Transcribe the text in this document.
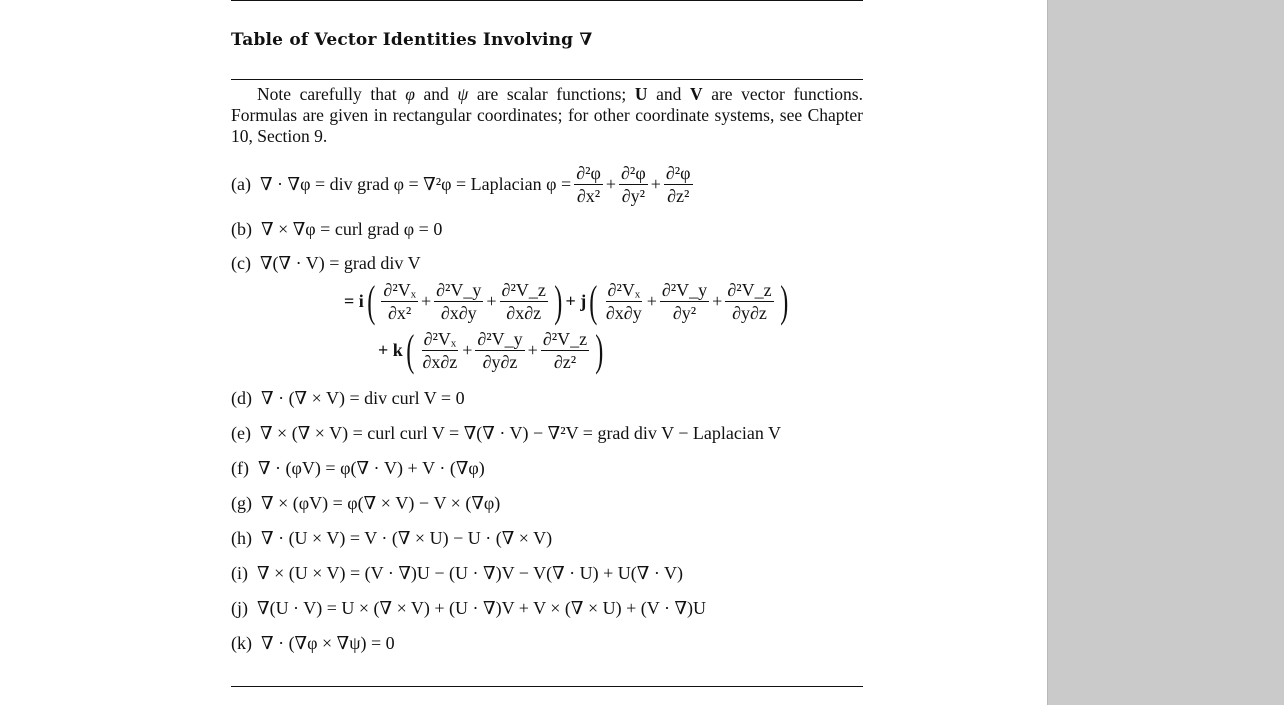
Table of Vector Identities Involving ∇
Note carefully that φ and ψ are scalar functions; U and V are vector functions. Formulas are given in rectangular coordinates; for other coordinate systems, see Chapter 10, Section 9.
(a) ∇ · ∇φ = div grad φ = ∇²φ = Laplacian $\varphi = \frac{\text{∂²φ}}{\text{∂x²}} + \frac{\text{∂²φ}}{\text{∂y²}} + \frac{\text{∂²φ}}{\text{∂z²}}$
(b) ∇ × ∇φ = curl grad φ = 0
(c) ∇(∇ · V) = grad div V
= i ( $\frac{\text{∂²Vₓ}}{\text{∂x²}} + \frac{\text{∂²V\_y}}{\partial x\partial y} + \frac{\text{∂²V\_z}}{\partial x\partial z}$ ) + j ( $\frac{\text{∂²Vₓ}}{\partial x\partial y} + \frac{\text{∂²V\_y}}{\text{∂y²}} + \frac{\text{∂²V\_z}}{\partial y\partial z}$ )
+ k ( $\frac{\text{∂²Vₓ}}{\partial x\partial z} + \frac{\text{∂²V\_y}}{\partial y\partial z} + \frac{\text{∂²V\_z}}{\text{∂z²}}$ )
(d) ∇ · (∇ × V) = div curl V = 0
(e) ∇ × (∇ × V) = curl curl V = ∇(∇ · V) − ∇²V = grad div V − Laplacian V
(f) ∇ · (φV) = φ(∇ · V) + V · (∇φ)
(g) ∇ × (φV) = φ(∇ × V) − V × (∇φ)
(h) ∇ · (U × V) = V · (∇ × U) − U · (∇ × V)
(i) ∇ × (U × V) = (V · ∇)U − (U · ∇)V − V(∇ · U) + U(∇ · V)
(j) ∇(U · V) = U × (∇ × V) + (U · ∇)V + V × (∇ × U) + (V · ∇)U
(k) ∇ · (∇φ × ∇ψ) = 0
